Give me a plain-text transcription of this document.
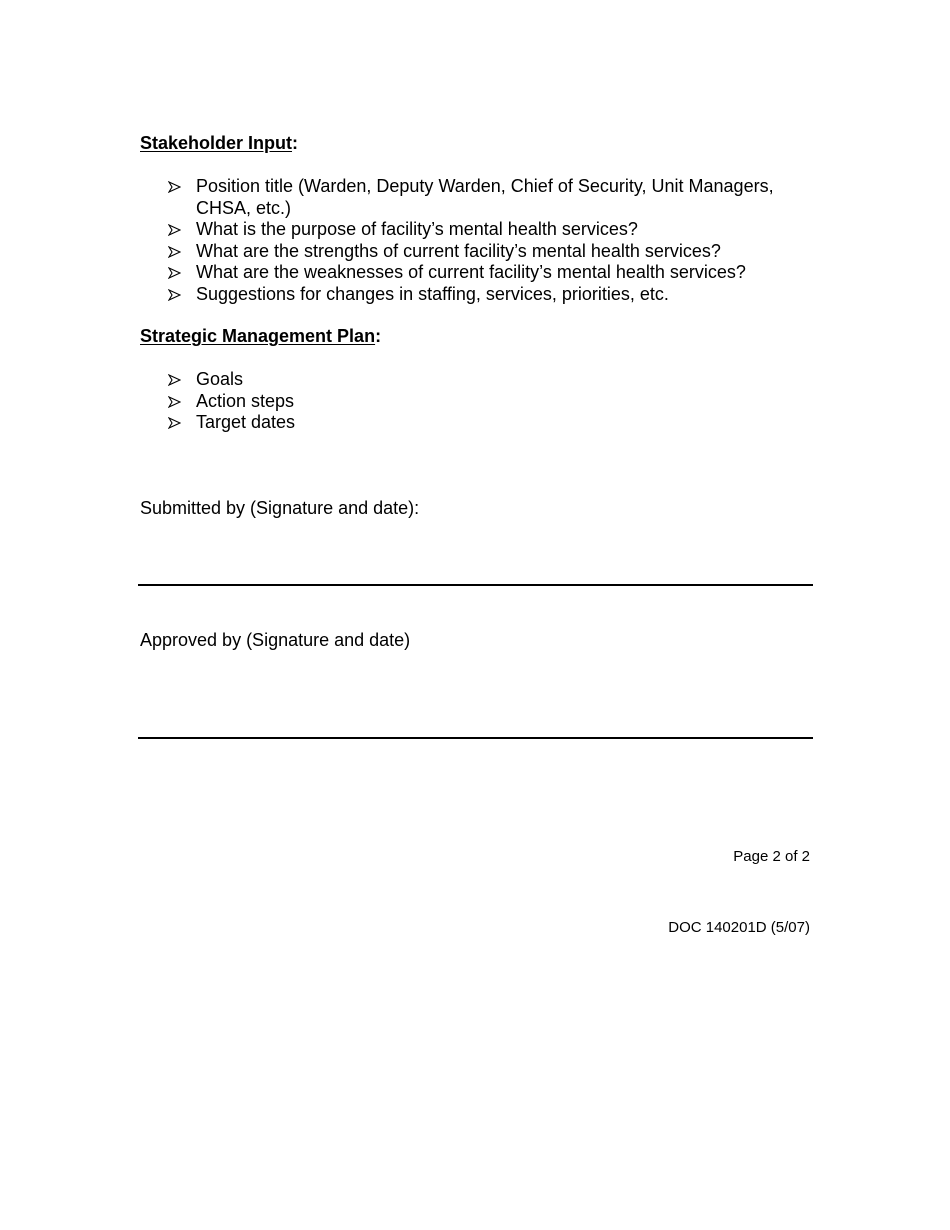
Stakeholder Input:
Position title (Warden, Deputy Warden, Chief of Security, Unit Managers, CHSA, etc.)
What is the purpose of facility’s mental health services?
What are the strengths of current facility’s mental health services?
What are the weaknesses of current facility’s mental health services?
Suggestions for changes in staffing, services, priorities, etc.
Strategic Management Plan:
Goals
Action steps
Target dates

Submitted by (Signature and date):

Approved by (Signature and date)

Page 2 of 2

DOC 140201D (5/07)
